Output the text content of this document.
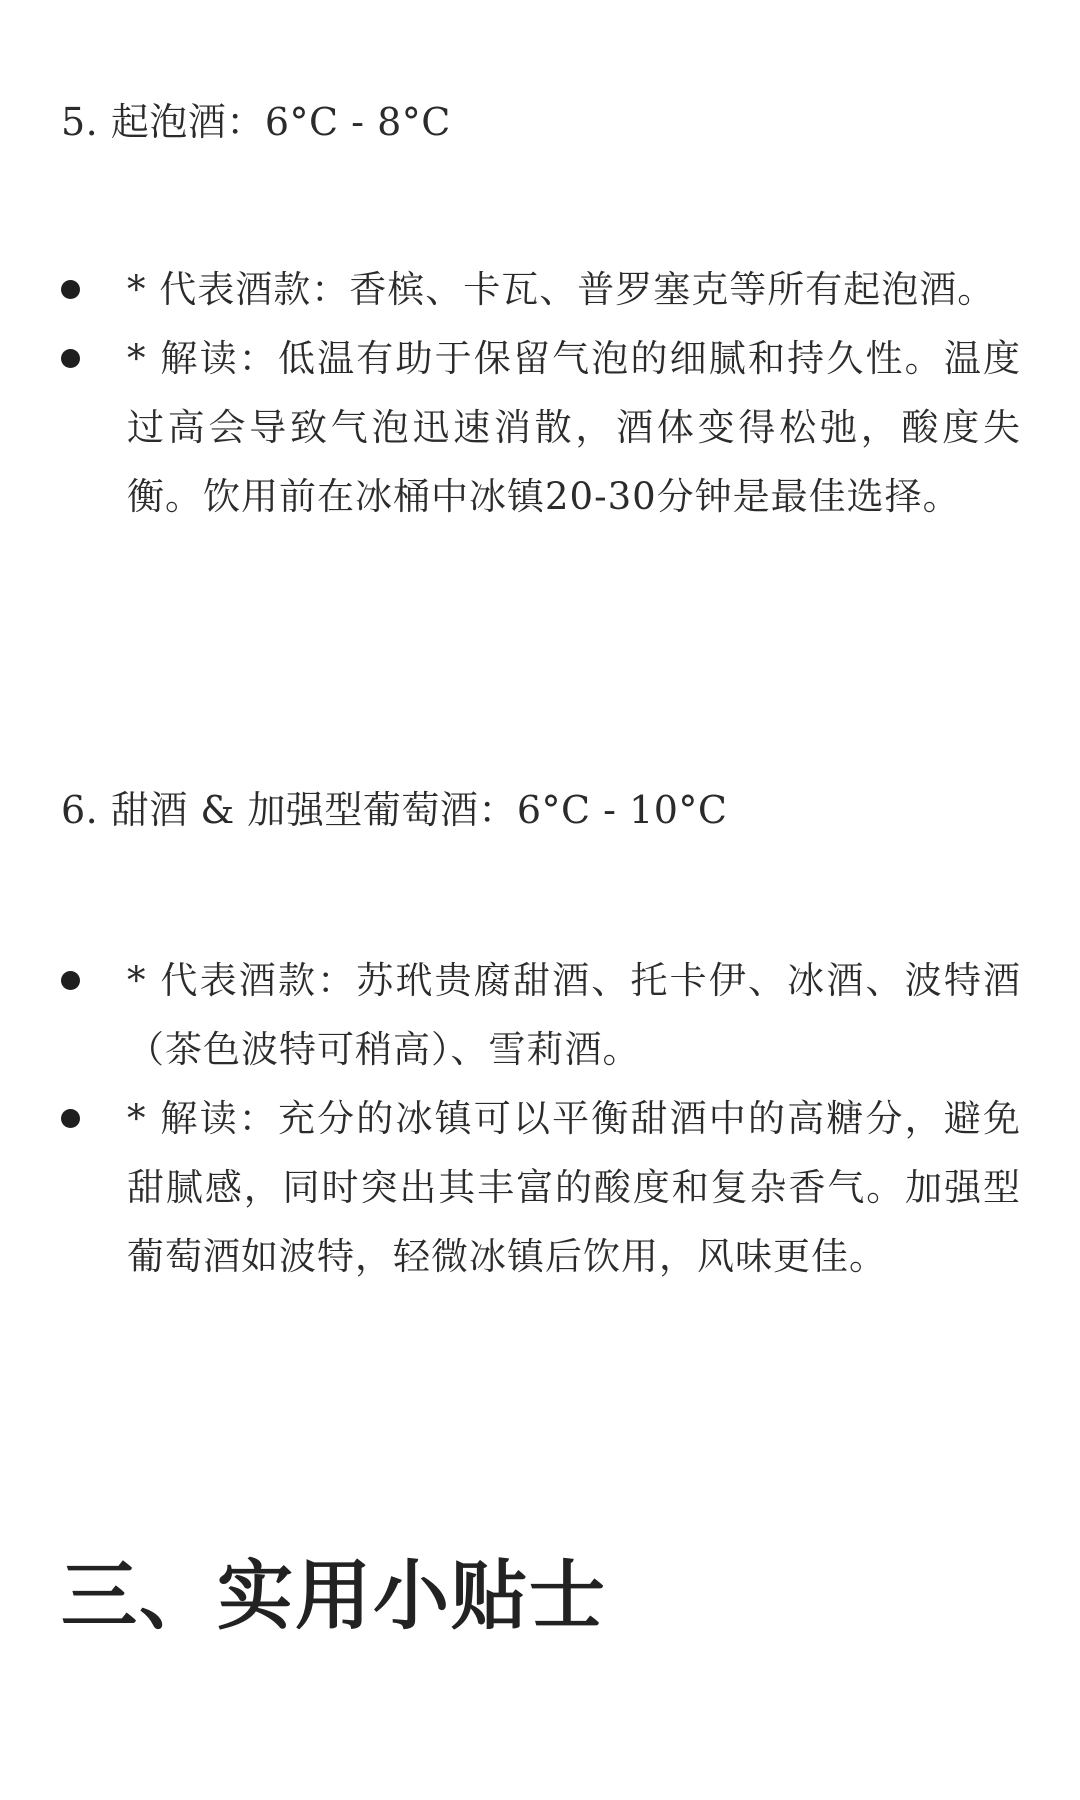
5. 起泡酒：6°C - 8°C
* 代表酒款：香槟、卡瓦、普罗塞克等所有起泡酒。
* 解读：低温有助于保留气泡的细腻和持久性。温度过高会导致气泡迅速消散，酒体变得松弛，酸度失衡。饮用前在冰桶中冰镇20-30分钟是最佳选择。
6. 甜酒 & 加强型葡萄酒：6°C - 10°C
* 代表酒款：苏玳贵腐甜酒、托卡伊、冰酒、波特酒（茶色波特可稍高）、雪莉酒。
* 解读：充分的冰镇可以平衡甜酒中的高糖分，避免甜腻感，同时突出其丰富的酸度和复杂香气。加强型葡萄酒如波特，轻微冰镇后饮用，风味更佳。
三、实用小贴士
